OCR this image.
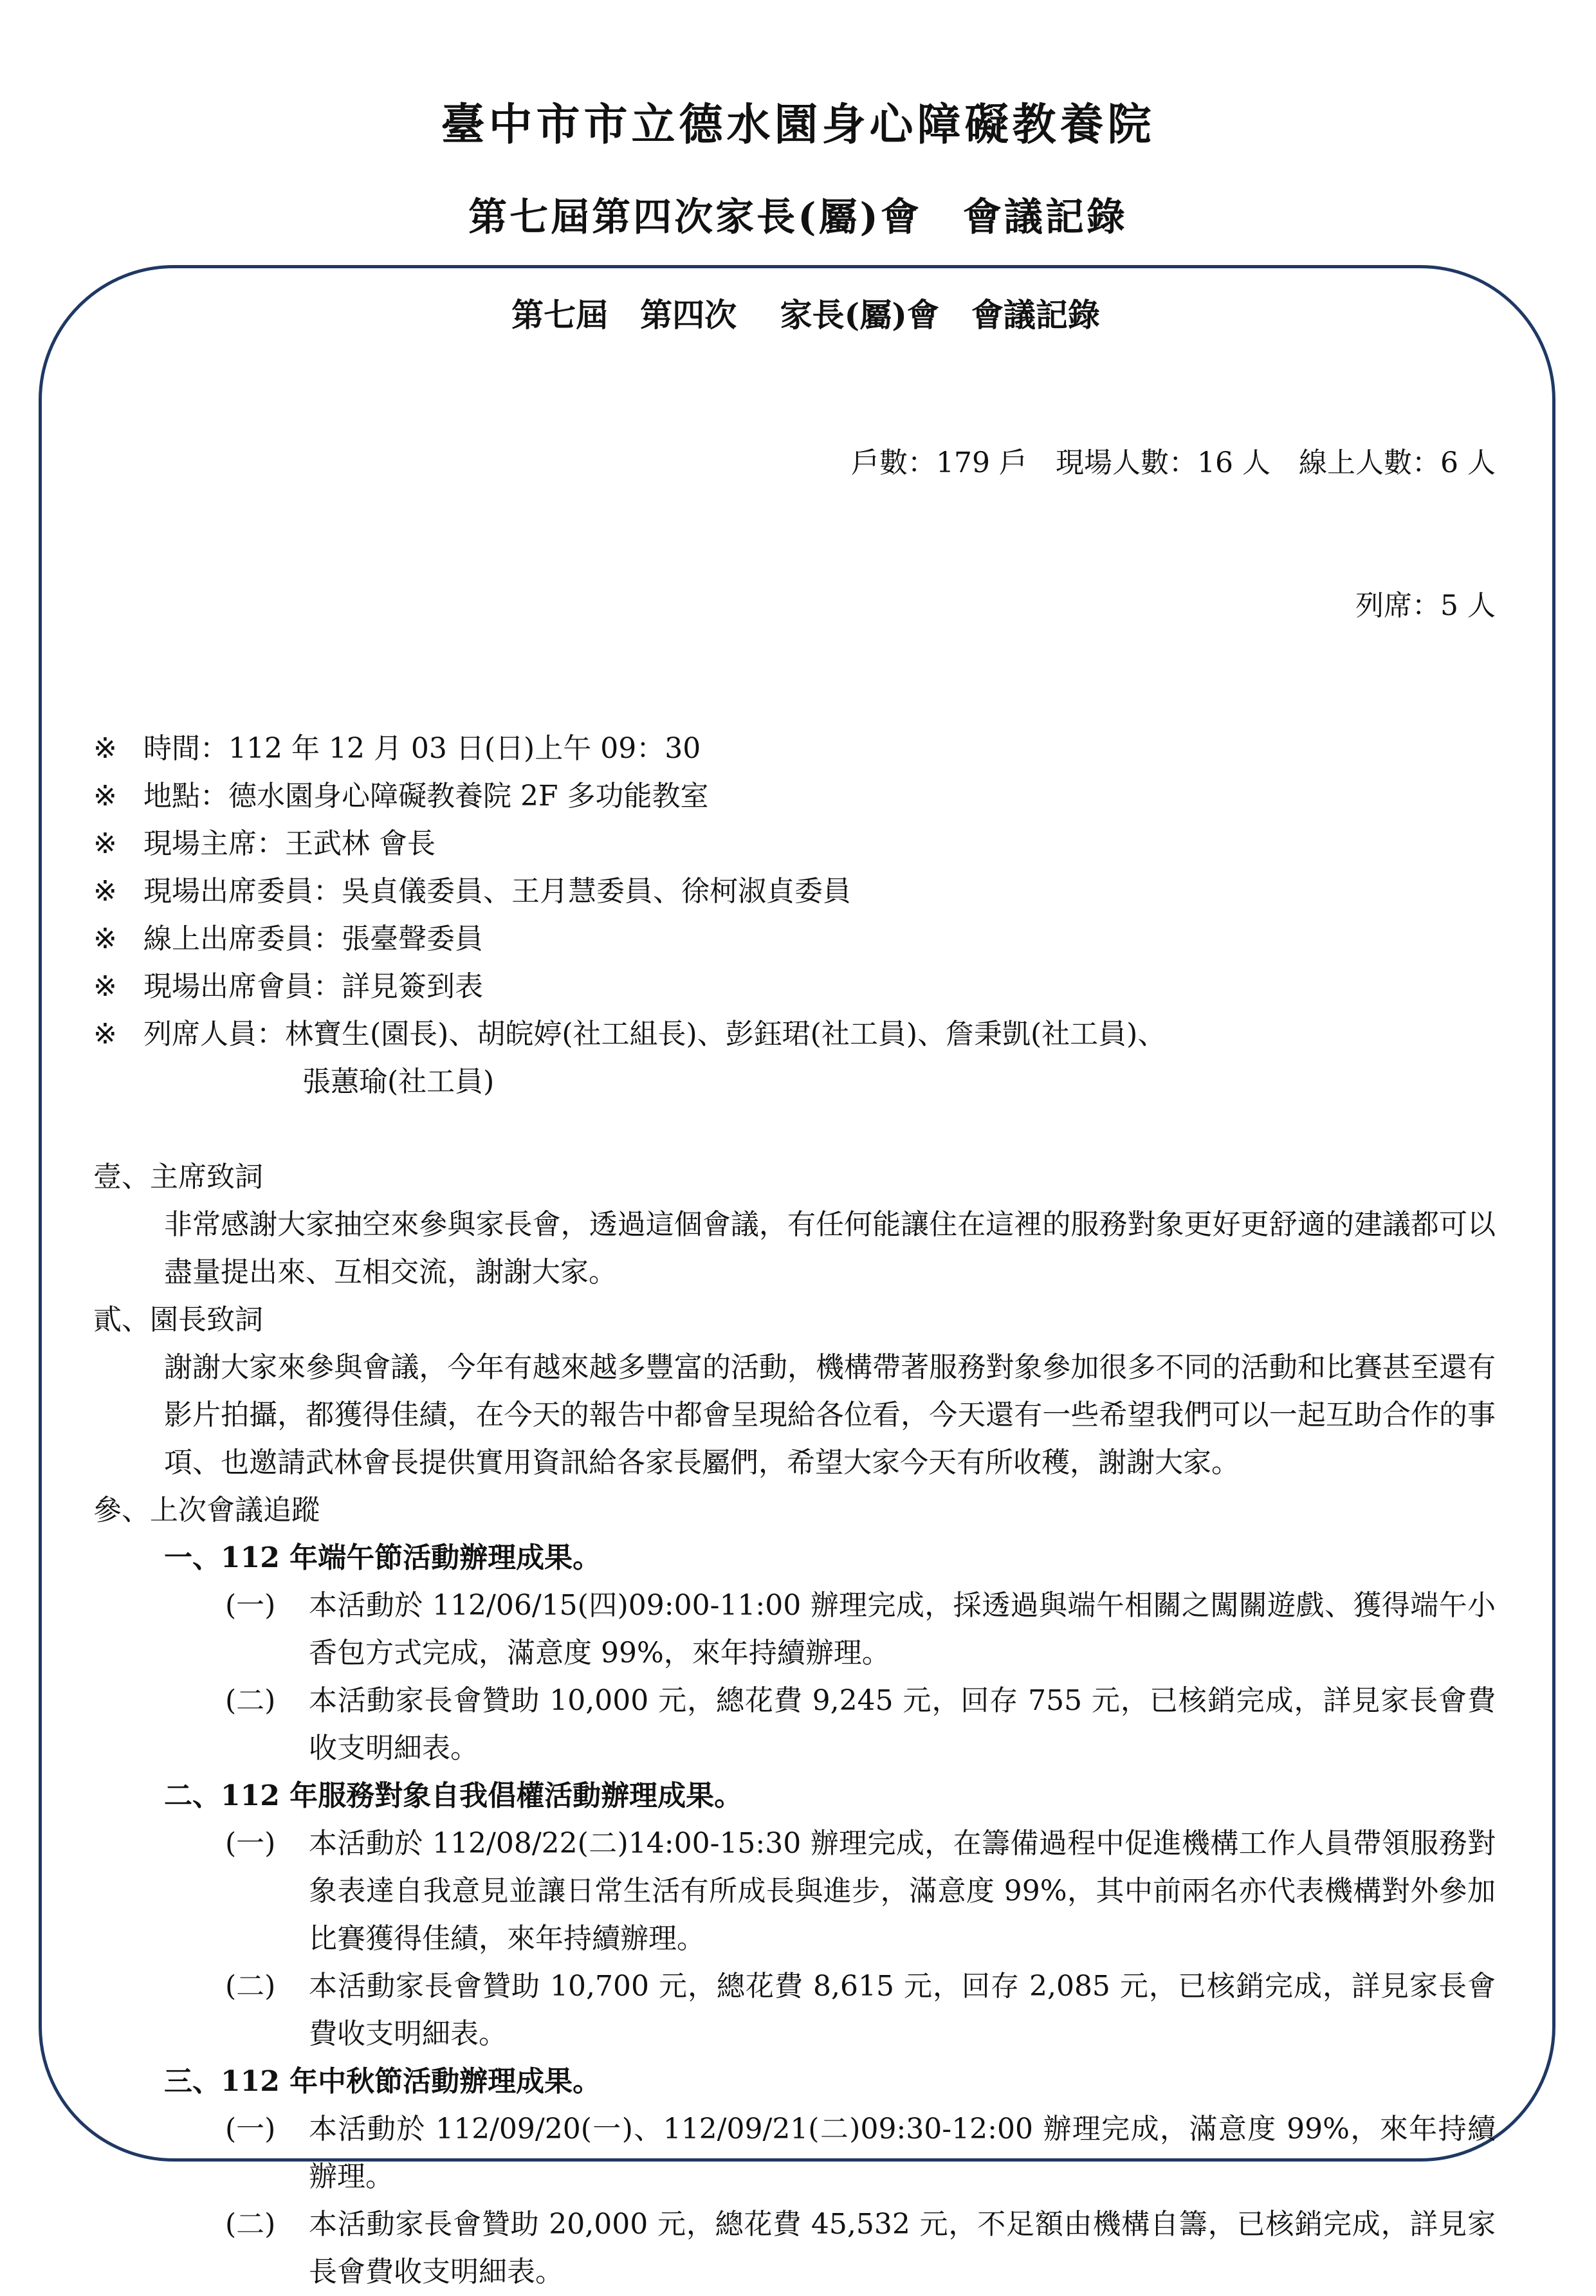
臺中市市立德水園身心障礙教養院
第七屆第四次家長(屬)會　會議記錄
第七屆　第四次　 家長(屬)會　會議記錄

戶數：179 戶　現場人數：16 人　線上人數：6 人

列席：5 人

※ 時間：112 年 12 月 03 日(日)上午 09：30
※ 地點：德水園身心障礙教養院 2F 多功能教室
※ 現場主席：王武林 會長
※ 現場出席委員：吳貞儀委員、王月慧委員、徐柯淑貞委員
※ 線上出席委員：張臺聲委員
※ 現場出席會員：詳見簽到表
※ 列席人員：林寶生(園長)、胡皖婷(社工組長)、彭鈺珺(社工員)、詹秉凱(社工員)、
張蕙瑜(社工員)
壹、主席致詞
非常感謝大家抽空來參與家長會，透過這個會議，有任何能讓住在這裡的服務對象更好更舒適的建議都可以盡量提出來、互相交流，謝謝大家。
貳、園長致詞
謝謝大家來參與會議，今年有越來越多豐富的活動，機構帶著服務對象參加很多不同的活動和比賽甚至還有影片拍攝，都獲得佳績，在今天的報告中都會呈現給各位看，今天還有一些希望我們可以一起互助合作的事項、也邀請武林會長提供實用資訊給各家長屬們，希望大家今天有所收穫，謝謝大家。
參、上次會議追蹤
一、112 年端午節活動辦理成果。
(一)	本活動於 112/06/15(四)09:00-11:00 辦理完成，採透過與端午相關之闖關遊戲、獲得端午小香包方式完成，滿意度 99%，來年持續辦理。
(二)	本活動家長會贊助 10,000 元，總花費 9,245 元，回存 755 元，已核銷完成，詳見家長會費收支明細表。
二、112 年服務對象自我倡權活動辦理成果。
(一)	本活動於 112/08/22(二)14:00-15:30 辦理完成，在籌備過程中促進機構工作人員帶領服務對象表達自我意見並讓日常生活有所成長與進步，滿意度 99%，其中前兩名亦代表機構對外參加比賽獲得佳績，來年持續辦理。
(二)	本活動家長會贊助 10,700 元，總花費 8,615 元，回存 2,085 元，已核銷完成，詳見家長會費收支明細表。
三、112 年中秋節活動辦理成果。
(一)	本活動於 112/09/20(一)、112/09/21(二)09:30-12:00 辦理完成，滿意度 99%，來年持續辦理。
(二)	本活動家長會贊助 20,000 元，總花費 45,532 元，不足額由機構自籌，已核銷完成，詳見家長會費收支明細表。
